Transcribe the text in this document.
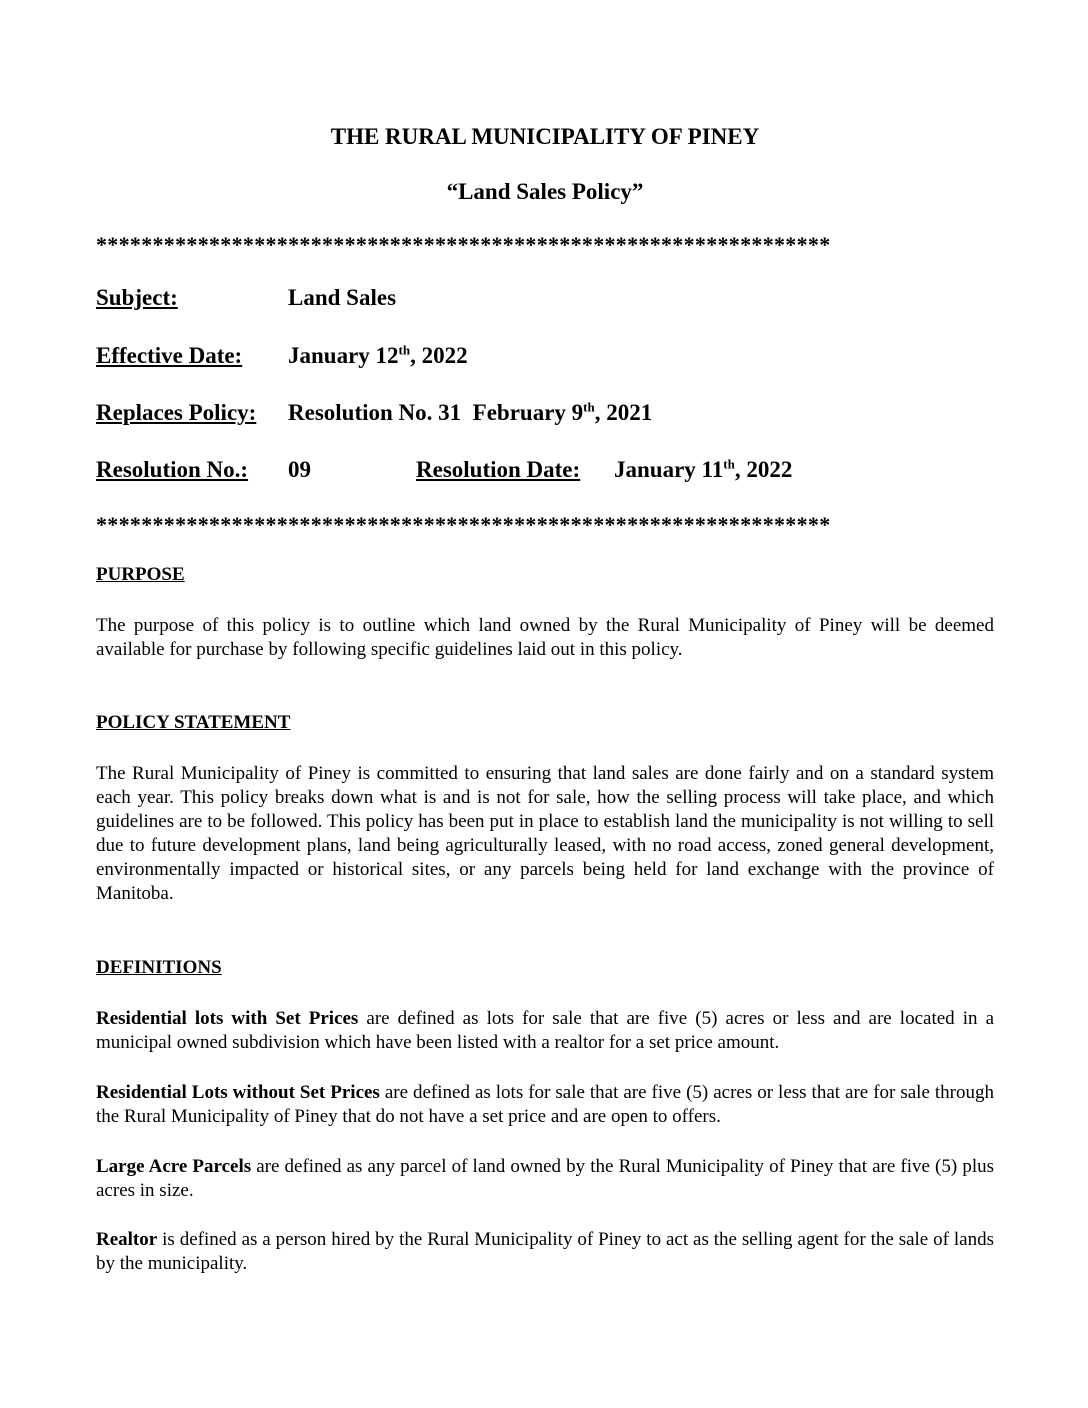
THE RURAL MUNICIPALITY OF PINEY
“Land Sales Policy”
*****************************************************************
Subject:	Land Sales
Effective Date: January 12th, 2022
Replaces Policy: Resolution No. 31  February 9th, 2021
Resolution No.: 09	Resolution Date: January 11th, 2022
*****************************************************************
PURPOSE
The purpose of this policy is to outline which land owned by the Rural Municipality of Piney will be deemed available for purchase by following specific guidelines laid out in this policy.
POLICY STATEMENT
The Rural Municipality of Piney is committed to ensuring that land sales are done fairly and on a standard system each year. This policy breaks down what is and is not for sale, how the selling process will take place, and which guidelines are to be followed. This policy has been put in place to establish land the municipality is not willing to sell due to future development plans, land being agriculturally leased, with no road access, zoned general development, environmentally impacted or historical sites, or any parcels being held for land exchange with the province of Manitoba.
DEFINITIONS
Residential lots with Set Prices are defined as lots for sale that are five (5) acres or less and are located in a municipal owned subdivision which have been listed with a realtor for a set price amount.
Residential Lots without Set Prices are defined as lots for sale that are five (5) acres or less that are for sale through the Rural Municipality of Piney that do not have a set price and are open to offers.
Large Acre Parcels are defined as any parcel of land owned by the Rural Municipality of Piney that are five (5) plus acres in size.
Realtor is defined as a person hired by the Rural Municipality of Piney to act as the selling agent for the sale of lands by the municipality.
